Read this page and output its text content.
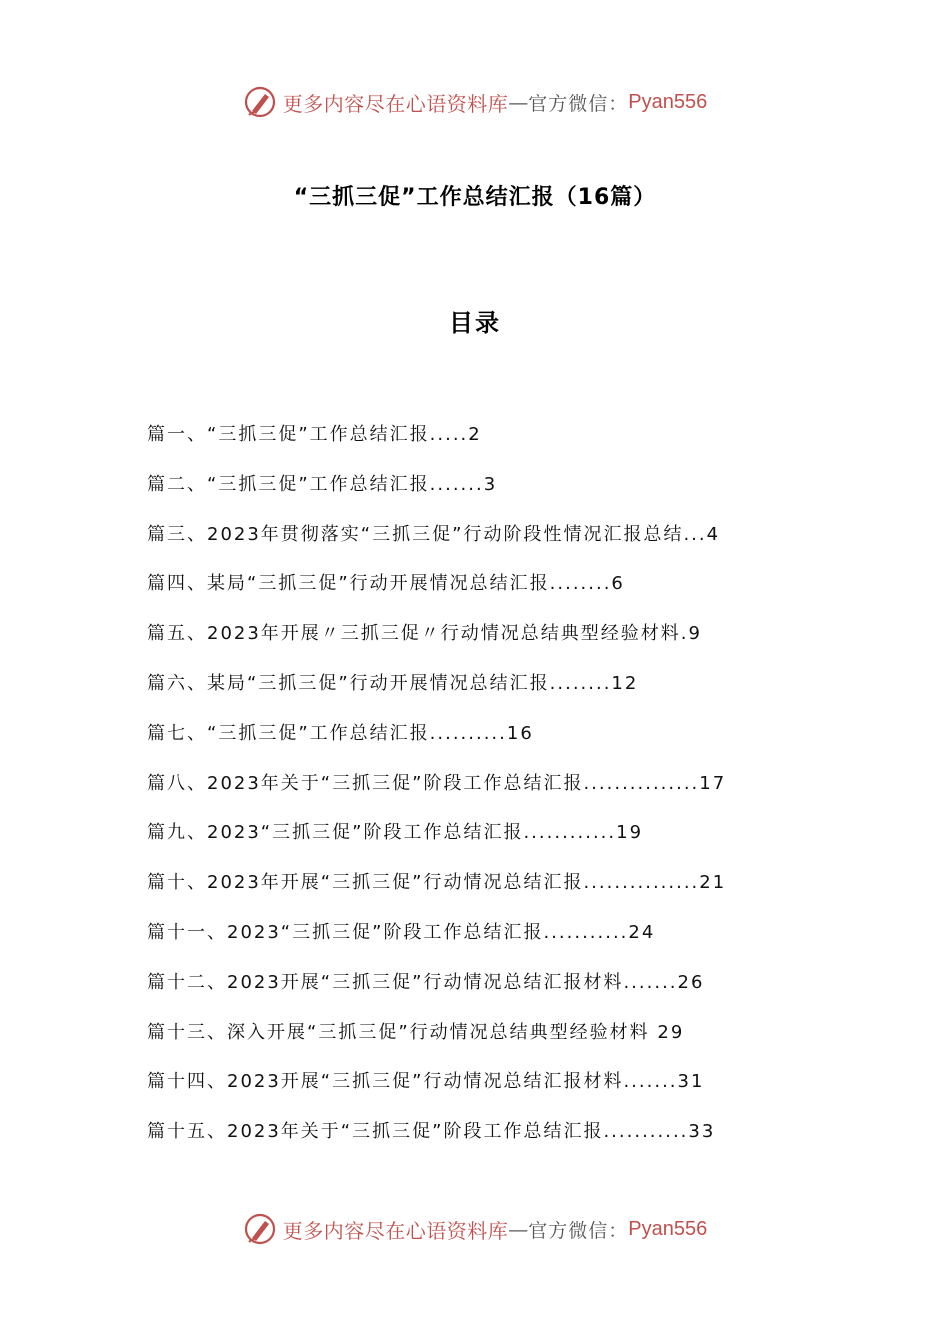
更多内容尽在心语资料库 — 官方微信： Pyan556
“三抓三促”工作总结汇报（16篇）
目录
篇一、“三抓三促”工作总结汇报.....2
篇二、“三抓三促”工作总结汇报.......3
篇三、2023年贯彻落实“三抓三促”行动阶段性情况汇报总结...4
篇四、某局“三抓三促”行动开展情况总结汇报........6
篇五、2023年开展〃三抓三促〃行动情况总结典型经验材料.9
篇六、某局“三抓三促”行动开展情况总结汇报........12
篇七、“三抓三促”工作总结汇报..........16
篇八、2023年关于“三抓三促”阶段工作总结汇报...............17
篇九、2023“三抓三促”阶段工作总结汇报............19
篇十、2023年开展“三抓三促”行动情况总结汇报...............21
篇十一、2023“三抓三促”阶段工作总结汇报...........24
篇十二、2023开展“三抓三促”行动情况总结汇报材料.......26
篇十三、深入开展“三抓三促”行动情况总结典型经验材料 29
篇十四、2023开展“三抓三促”行动情况总结汇报材料.......31
篇十五、2023年关于“三抓三促”阶段工作总结汇报...........33
更多内容尽在心语资料库 — 官方微信： Pyan556
